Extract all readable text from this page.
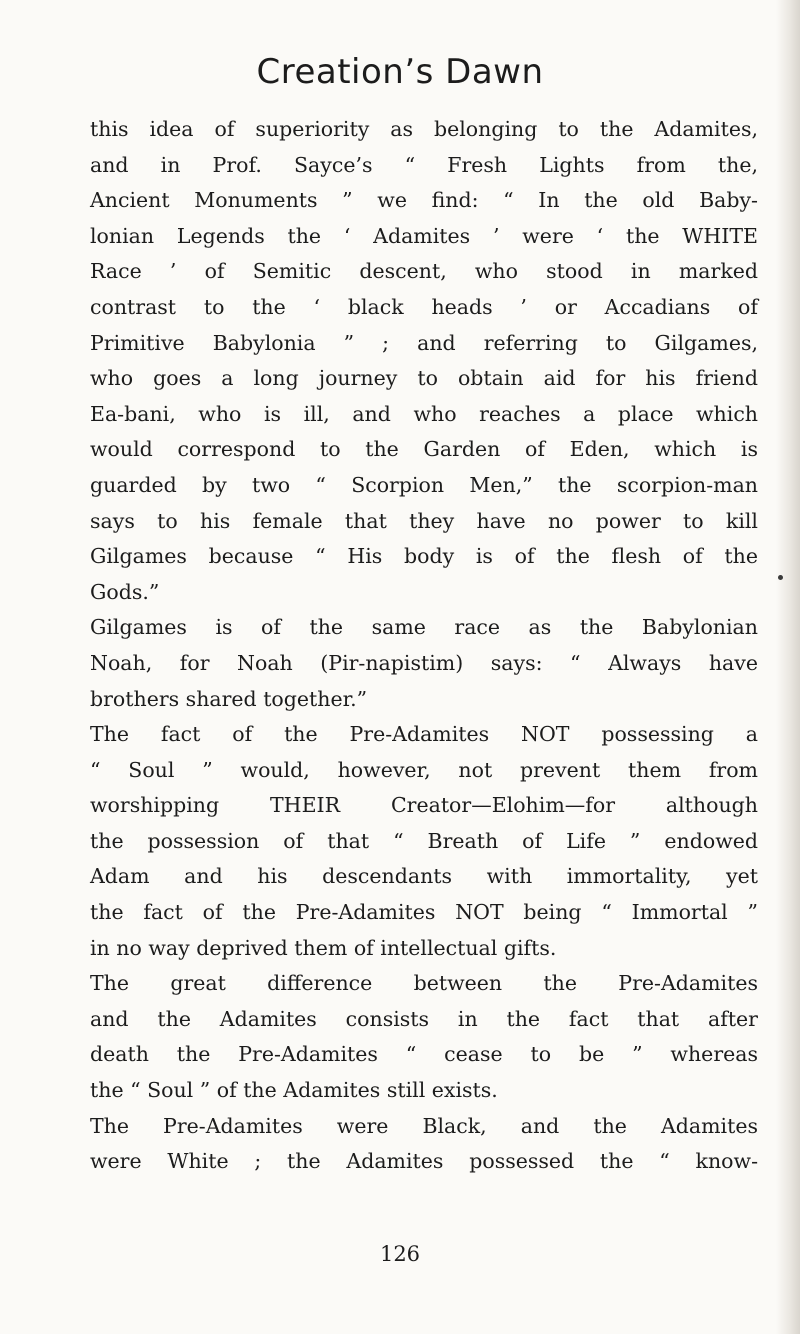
Creation’s Dawn
this idea of superiority as belonging to the Adamites,
and in Prof. Sayce’s “ Fresh Lights from the,
Ancient Monuments ” we find: “ In the old Baby-
lonian Legends the ‘ Adamites ’ were ‘ the WHITE
Race ’ of Semitic descent, who stood in marked
contrast to the ‘ black heads ’ or Accadians of
Primitive Babylonia ” ; and referring to Gilgames,
who goes a long journey to obtain aid for his friend
Ea-bani, who is ill, and who reaches a place which
would correspond to the Garden of Eden, which is
guarded by two “ Scorpion Men,” the scorpion-man
says to his female that they have no power to kill
Gilgames because “ His body is of the flesh of the
Gods.”
Gilgames is of the same race as the Babylonian
Noah, for Noah (Pir-napistim) says: “ Always have
brothers shared together.”
The fact of the Pre-Adamites NOT possessing a
“ Soul ” would, however, not prevent them from
worshipping THEIR Creator—Elohim—for although
the possession of that “ Breath of Life ” endowed
Adam and his descendants with immortality, yet
the fact of the Pre-Adamites NOT being “ Immortal ”
in no way deprived them of intellectual gifts.
The great difference between the Pre-Adamites
and the Adamites consists in the fact that after
death the Pre-Adamites “ cease to be ” whereas
the “ Soul ” of the Adamites still exists.
The Pre-Adamites were Black, and the Adamites
were White ; the Adamites possessed the “ know-
126
